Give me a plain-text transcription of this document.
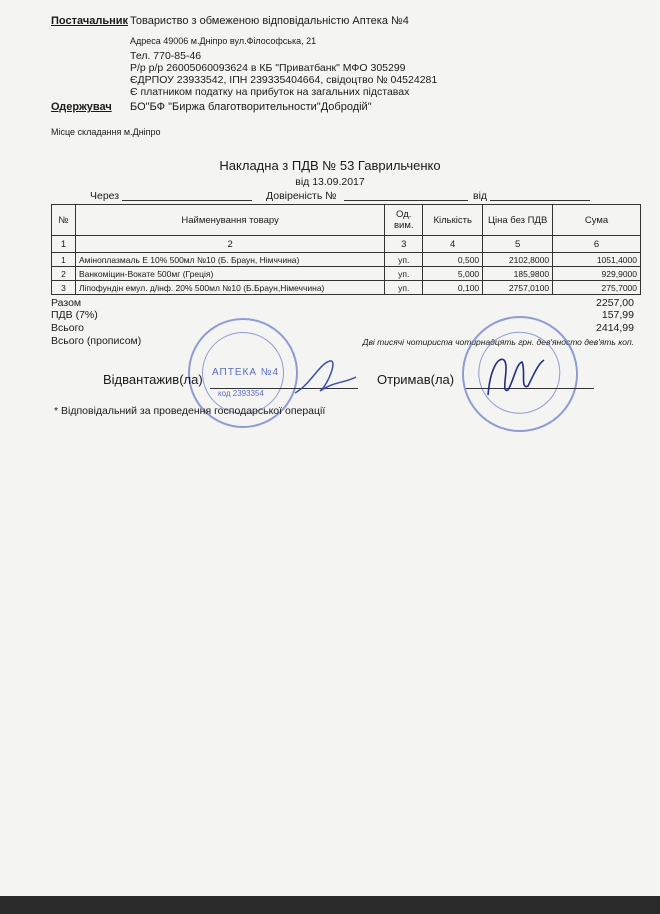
Постачальник Товариство з обмеженою відповідальністю Аптека №4
Адреса 49006 м.Дніпро вул.Філософська, 21
Тел. 770-85-46
Р/р р/р 26005060093624 в КБ "Приватбанк" МФО 305299
ЄДРПОУ 23933542, ІПН 239335404664, свідоцтво № 04524281
Є платником податку на прибуток на загальних підставах
Одержувач БО"БФ "Биржа благотворительности"Добродій"
Місце складання м.Дніпро
Накладна з ПДВ № 53 Гаврильченко
від 13.09.2017
Через	Довіреність №	від
№	Найменування товару	Од. вим.	Кількість	Ціна без ПДВ	Сума
1	2	3	4	5	6
1	Аміноплазмаль Е 10% 500мл №10 (Б. Браун, Німччина)	уп.	0,500	2102,8000	1051,4000
2	Ванкоміцин-Вокате 500мг (Греція)	уп.	5,000	185,9800	929,9000
3	Ліпофундін емул. д/інф. 20% 500мл №10 (Б.Браун,Німеччина)	уп.	0,100	2757,0100	275,7000
Разом	2257,00
ПДВ (7%)	157,99
Всього	2414,99
Всього (прописом)	Дві тисячі чотириста чотирнадцять грн. дев'яносто дев'ять коп.
АПТЕКА №4
код 2393354
Відвантажив(ла)	Отримав(ла)
* Відповідальний за проведення господарської операції
